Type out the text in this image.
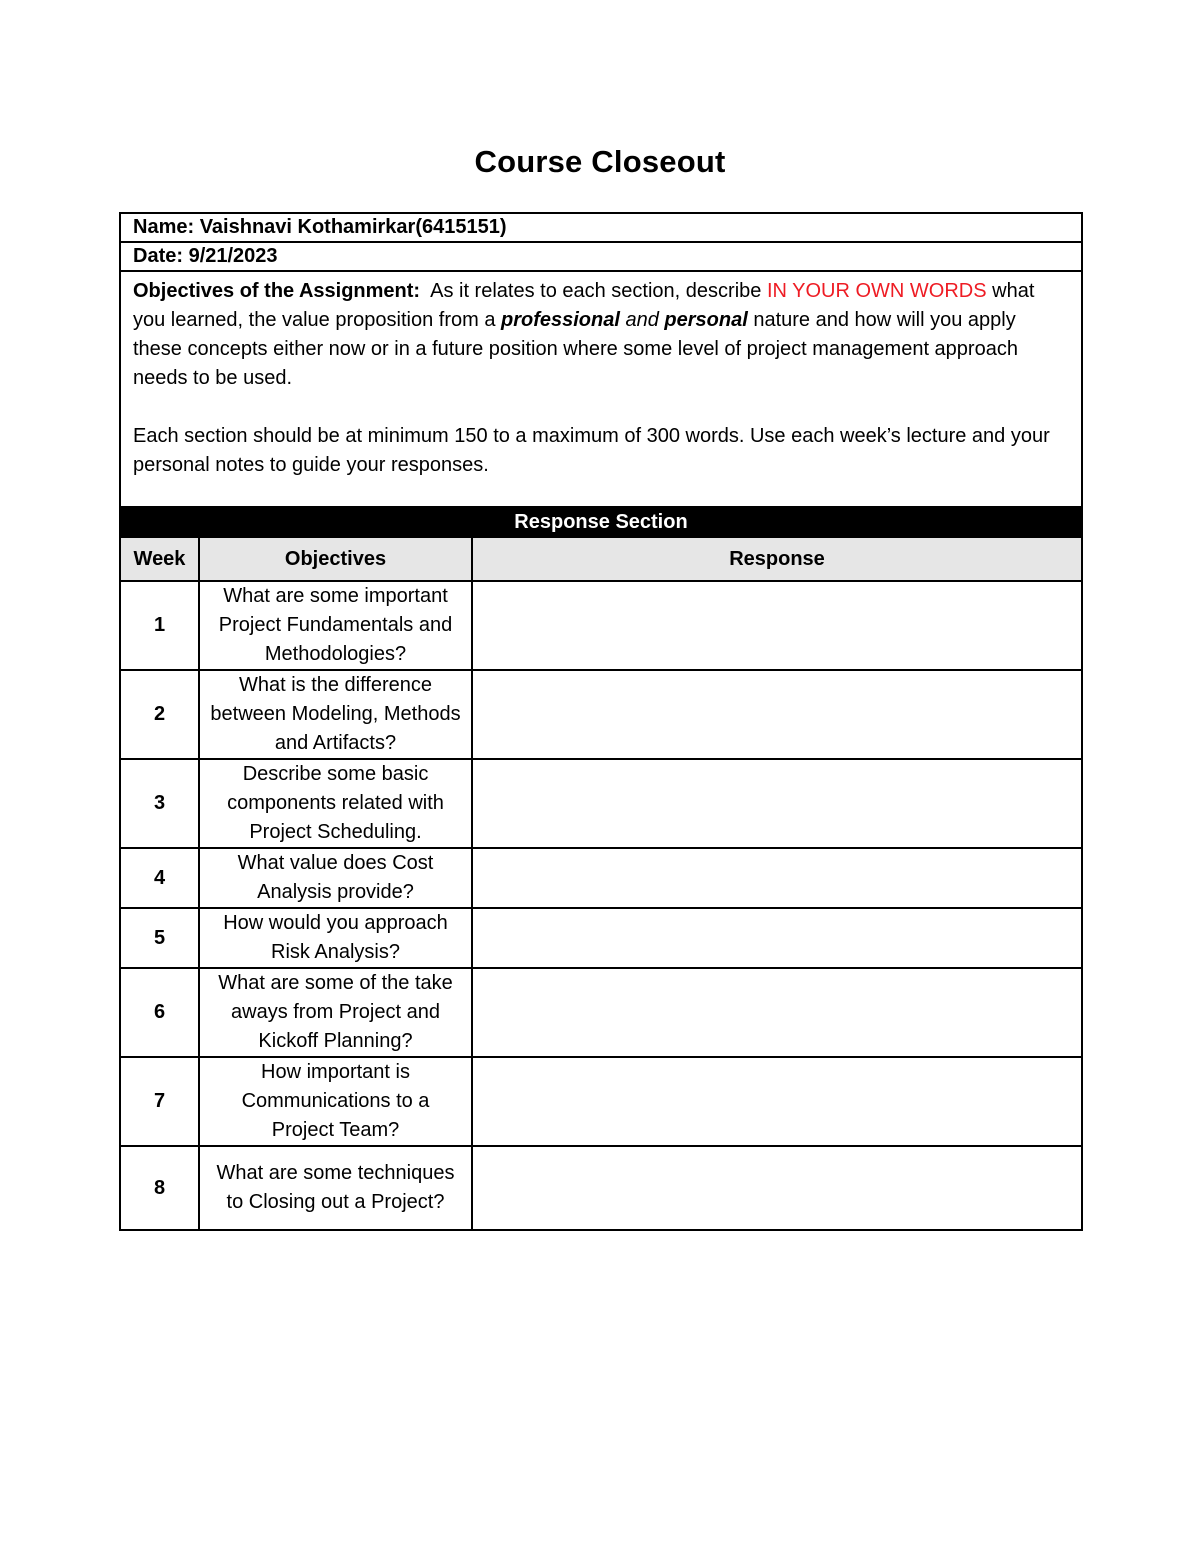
Course Closeout
Name: Vaishnavi Kothamirkar(6415151)		
Date: 9/21/2023		

Objectives of the Assignment:  As it relates to each section, describe IN YOUR OWN WORDS what you learned, the value proposition from a professional and personal nature and how will you apply these concepts either now or in a future position where some level of project management approach needs to be used.

Each section should be at minimum 150 to a maximum of 300 words. Use each week’s lecture and your personal notes to guide your responses.		

Response Section		
Week	Objectives	Response
1	What are some important Project Fundamentals and Methodologies?	
2	What is the difference between Modeling, Methods and Artifacts?	
3	Describe some basic components related with Project Scheduling.	
4	What value does Cost Analysis provide?	
5	How would you approach Risk Analysis?	
6	What are some of the take aways from Project and Kickoff Planning?	
7	How important is Communications to a Project Team?	
8	What are some techniques to Closing out a Project?	
